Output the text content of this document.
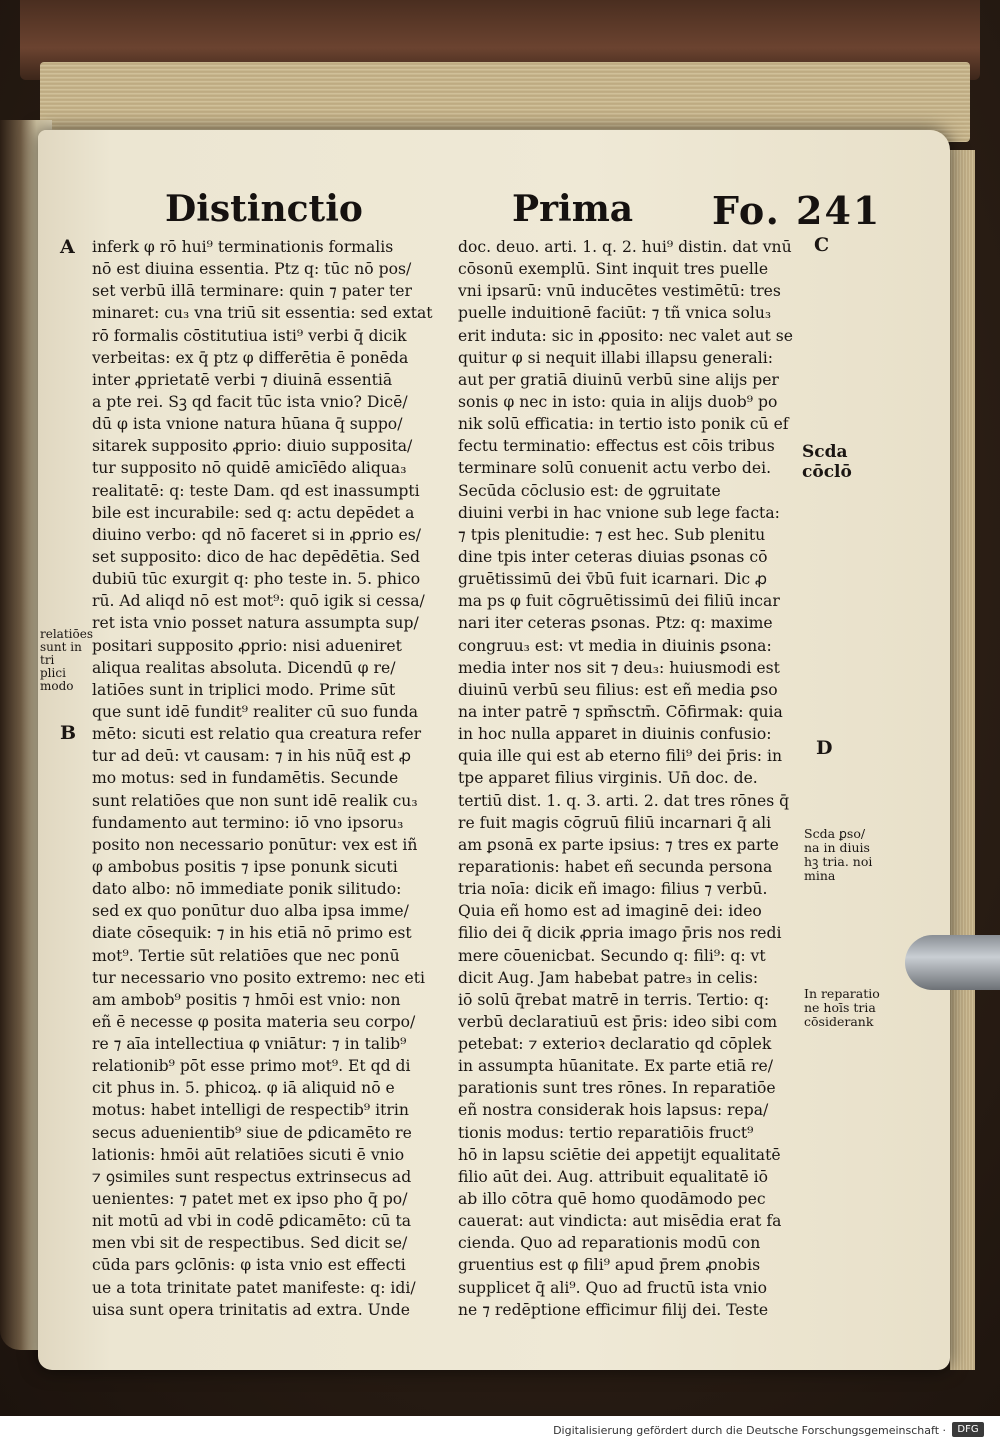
Distinctio	Prima Fo. 241
A
B
C
D
relatiōes
sunt in tri
plici modo
Scda
cōclō
Scda ꝑso/
na in diuis
hꝫ tria. noi
mina
In reparatio
ne hoīs tria
cōsiderank
inferk φ rō hui⁹ terminationis formalis
nō est diuina essentia. Ptz q: tūc nō pos/
set verbū illā terminare: quin ⁊ pater ter
minaret: cu₃ vna triū sit essentia: sed extat
rō formalis cōstitutiua isti⁹ verbi q̄ dicik
verbeitas: ex q̄ ptz φ differētia ē ponēda
inter ꝓprietatē verbi ⁊ diuinā essentiā
a pte rei. Sꝫ qd facit tūc ista vnio? Dicē/
dū φ ista vnione natura hūana q̄ suppo/
sitarek supposito ꝓprio: diuio supposita/
tur supposito nō quidē amicīēdo aliqua₃
realitatē: q: teste Dam. qd est inassumpti
bile est incurabile: sed q: actu depēdet a
diuino verbo: qd nō faceret si in ꝓprio es/
set supposito: dico de hac depēdētia. Sed
dubiū tūc exurgit q: pho teste in. 5. phico
rū. Ad aliqd nō est mot⁹: quō igik si cessa/
ret ista vnio posset natura assumpta sup/
positari supposito ꝓprio: nisi adueniret
aliqua realitas absoluta. Dicendū φ re/
latiōes sunt in triplici modo. Prime sūt
que sunt idē fundit⁹ realiter cū suo funda
mēto: sicuti est relatio qua creatura refer
tur ad deū: vt causam: ⁊ in his nūq̄ est ꝓ
mo motus: sed in fundamētis. Secunde
sunt relatiōes que non sunt idē realik cu₃
fundamento aut termino: iō vno ipsoru₃
posito non necessario ponūtur: vex est iñ
φ ambobus positis ⁊ ipse ponunk sicuti
dato albo: nō immediate ponik silitudo:
sed ex quo ponūtur duo alba ipsa imme/
diate cōsequik: ⁊ in his etiā nō primo est
mot⁹. Tertie sūt relatiōes que nec ponū
tur necessario vno posito extremo: nec eti
am ambob⁹ positis ⁊ hmōi est vnio: non
eñ ē necesse φ posita materia seu corpo/
re ⁊ aīa intellectiua φ vniātur: ⁊ in talib⁹
relationib⁹ pōt esse primo mot⁹. Et qd di
cit phus in. 5. phicoꝝ. φ iā aliquid nō e
motus: habet intelligi de respectib⁹ itrin
secus aduenientib⁹ siue de ꝑdicamēto re
lationis: hmōi aūt relatiōes sicuti ē vnio
⁊ ꝯsimiles sunt respectus extrinsecus ad
uenientes: ⁊ patet met ex ipso pho q̄ po/
nit motū ad vbi in codē ꝑdicamēto: cū ta
men vbi sit de respectibus. Sed dicit se/
cūda pars ꝯclōnis: φ ista vnio est effecti
ue a tota trinitate patet manifeste: q: idi/
uisa sunt opera trinitatis ad extra. Unde
doc. deuo. arti. 1. q. 2. hui⁹ distin. dat vnū
cōsonū exemplū. Sint inquit tres puelle
vni ipsarū: vnū inducētes vestimētū: tres
puelle induitionē faciūt: ⁊ tñ vnica solu₃
erit induta: sic in ꝓposito: nec valet aut se
quitur φ si nequit illabi illapsu generali:
aut per gratiā diuinū verbū sine alijs per
sonis φ nec in isto: quia in alijs duob⁹ po
nik solū efficatia: in tertio isto ponik cū ef
fectu terminatio: effectus est cōis tribus
terminare solū conuenit actu verbo dei.
Secūda cōclusio est: de ꝯgruitate
diuini verbi in hac vnione sub lege facta:
⁊ tpis plenitudie: ⁊ est hec. Sub plenitu
dine tpis inter ceteras diuias ꝑsonas cō
gruētissimū dei v̄bū fuit icarnari. Dic ꝓ
ma ps φ fuit cōgruētissimū dei filiū incar
nari iter ceteras ꝑsonas. Ptz: q: maxime
congruu₃ est: vt media in diuinis ꝑsona:
media inter nos sit ⁊ deu₃: huiusmodi est
diuinū verbū seu filius: est eñ media ꝑso
na inter patrē ⁊ spm̄sctm̄. Cōfirmak: quia
in hoc nulla apparet in diuinis confusio:
quia ille qui est ab eterno fili⁹ dei p̄ris: in
tpe apparet filius virginis. Un̄ doc. de.
tertiū dist. 1. q. 3. arti. 2. dat tres rōnes q̄
re fuit magis cōgruū filiū incarnari q̄ ali
am ꝑsonā ex parte ipsius: ⁊ tres ex parte
reparationis: habet eñ secunda persona
tria noīa: dicik eñ imago: filius ⁊ verbū.
Quia eñ homo est ad imaginē dei: ideo
filio dei q̄ dicik ꝓpria imago p̄ris nos redi
mere cōuenicbat. Secundo q: fili⁹: q: vt
dicit Aug. Jam habebat patre₃ in celis:
iō solū q̄rebat matrē in terris. Tertio: q:
verbū declaratiuū est p̄ris: ideo sibi com
petebat: ⁊ exterioꝛ declaratio qd cōplek
in assumpta hūanitate. Ex parte etiā re/
parationis sunt tres rōnes. In reparatiōe
eñ nostra considerak hois lapsus: repa/
tionis modus: tertio reparatiōis fruct⁹
hō in lapsu sciētie dei appetijt equalitatē
filio aūt dei. Aug. attribuit equalitatē iō
ab illo cōtra quē homo quodāmodo pec
cauerat: aut vindicta: aut misēdia erat fa
cienda. Quo ad reparationis modū con
gruentius est φ fili⁹ apud p̄rem ꝓnobis
supplicet q̄ ali⁹. Quo ad fructū ista vnio
ne ⁊ redēptione efficimur filij dei. Teste
Digitalisierung gefördert durch die Deutsche Forschungsgemeinschaft ·	DFG
